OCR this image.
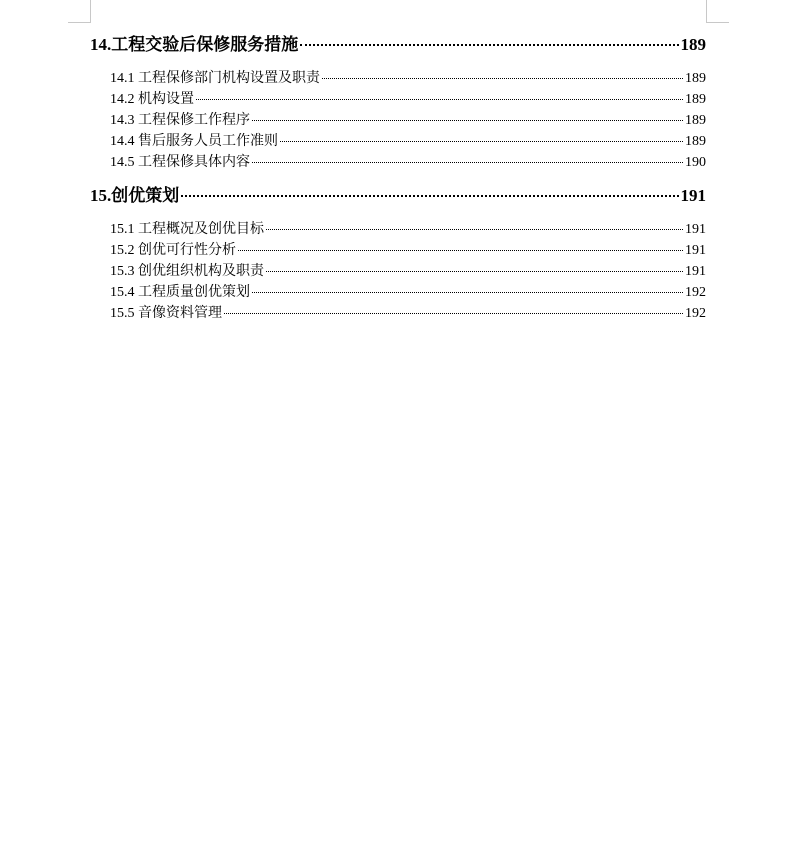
14.工程交验后保修服务措施	189
14.1 工程保修部门机构设置及职责	189
14.2 机构设置	189
14.3 工程保修工作程序	189
14.4 售后服务人员工作准则	189
14.5 工程保修具体内容	190
15.创优策划	191
15.1 工程概况及创优目标	191
15.2 创优可行性分析	191
15.3 创优组织机构及职责	191
15.4 工程质量创优策划	192
15.5 音像资料管理	192
